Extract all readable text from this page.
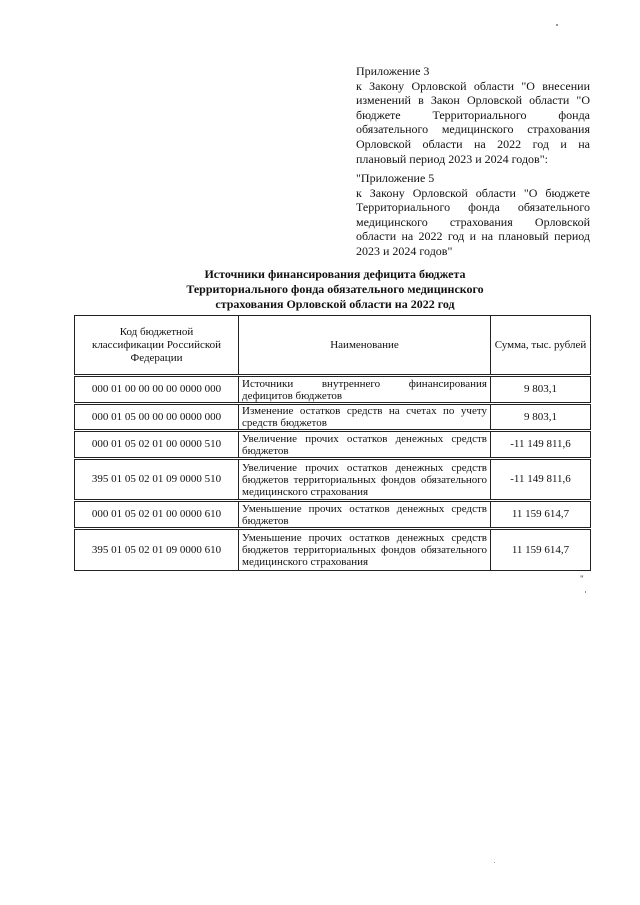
Приложение 3
к Закону Орловской области "О внесении изменений в Закон Орловской области "О бюджете Территориального фонда обязательного медицинского страхования Орловской области на 2022 год и на плановый период 2023 и 2024 годов":
"Приложение 5
к Закону Орловской области "О бюджете Территориального фонда обязательного медицинского страхования Орловской области на 2022 год и на плановый период 2023 и 2024 годов"
Источники финансирования дефицита бюджета
Территориального фонда обязательного медицинского
страхования Орловской области на 2022 год
Код бюджетной классификации Российской Федерации	Наименование	Сумма, тыс. рублей
000 01 00 00 00 00 0000 000	Источники внутреннего финансирования дефицитов бюджетов	9 803,1
000 01 05 00 00 00 0000 000	Изменение остатков средств на счетах по учету средств бюджетов	9 803,1
000 01 05 02 01 00 0000 510	Увеличение прочих остатков денежных средств бюджетов	-11 149 811,6
395 01 05 02 01 09 0000 510	Увеличение прочих остатков денежных средств бюджетов территориальных фондов обязательного медицинского страхования	-11 149 811,6
000 01 05 02 01 00 0000 610	Уменьшение прочих остатков денежных средств бюджетов	11 159 614,7
395 01 05 02 01 09 0000 610	Уменьшение прочих остатков денежных средств бюджетов территориальных фондов обязательного медицинского страхования	11 159 614,7
"
